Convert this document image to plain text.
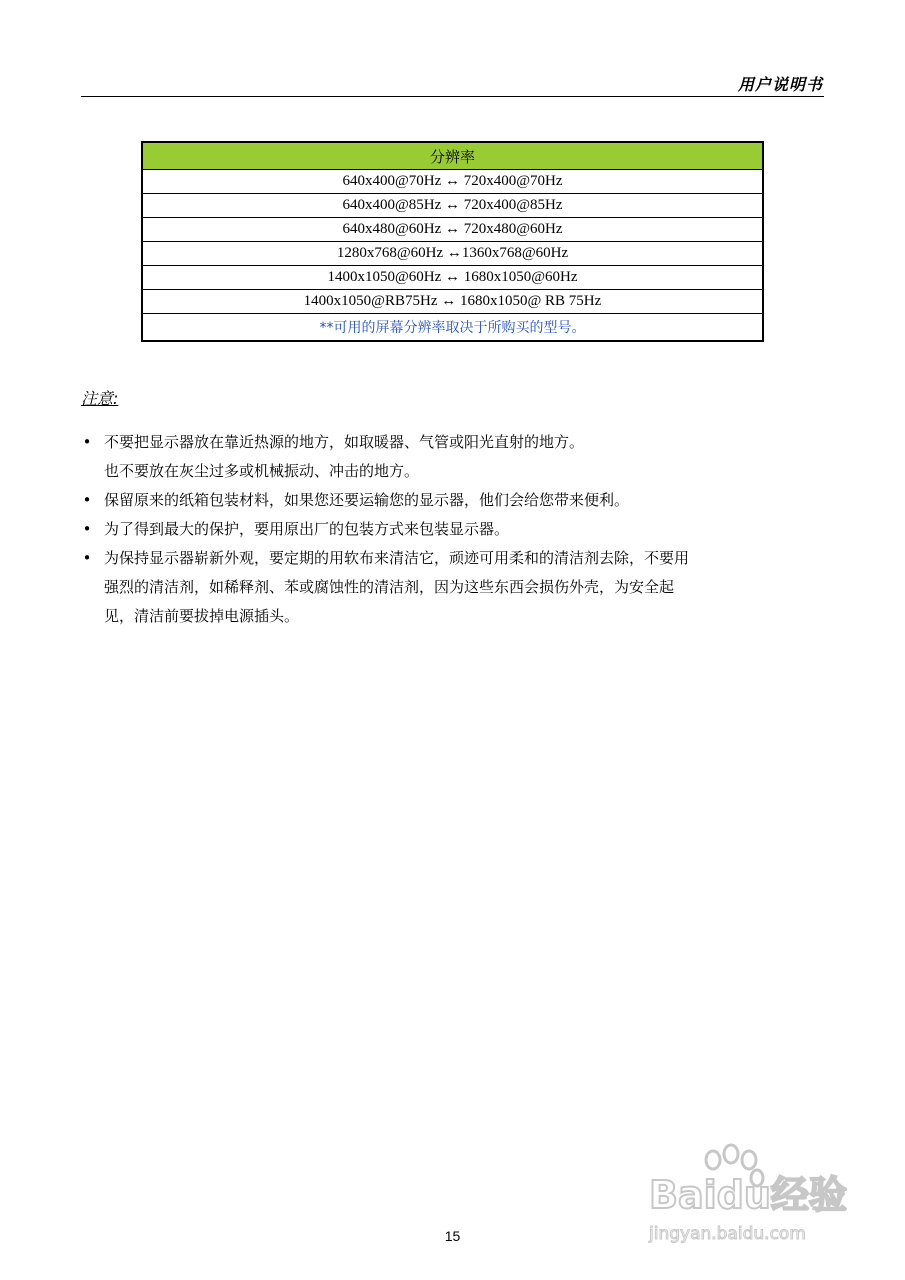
用户说明书
分辨率
640x400@70Hz ↔ 720x400@70Hz
640x400@85Hz ↔ 720x400@85Hz
640x480@60Hz ↔ 720x480@60Hz
1280x768@60Hz ↔1360x768@60Hz
1400x1050@60Hz ↔ 1680x1050@60Hz
1400x1050@RB75Hz ↔ 1680x1050@ RB 75Hz
**可用的屏幕分辨率取决于所购买的型号。
注意:
• 不要把显示器放在靠近热源的地方，如取暖器、气管或阳光直射的地方。
也不要放在灰尘过多或机械振动、冲击的地方。
• 保留原来的纸箱包装材料，如果您还要运输您的显示器，他们会给您带来便利。
• 为了得到最大的保护，要用原出厂的包装方式来包装显示器。
• 为保持显示器崭新外观，要定期的用软布来清洁它，顽迹可用柔和的清洁剂去除，不要用
强烈的清洁剂，如稀释剂、苯或腐蚀性的清洁剂，因为这些东西会损伤外壳，为安全起
见，清洁前要拔掉电源插头。
Baidu经验
jingyan.baidu.com
15
